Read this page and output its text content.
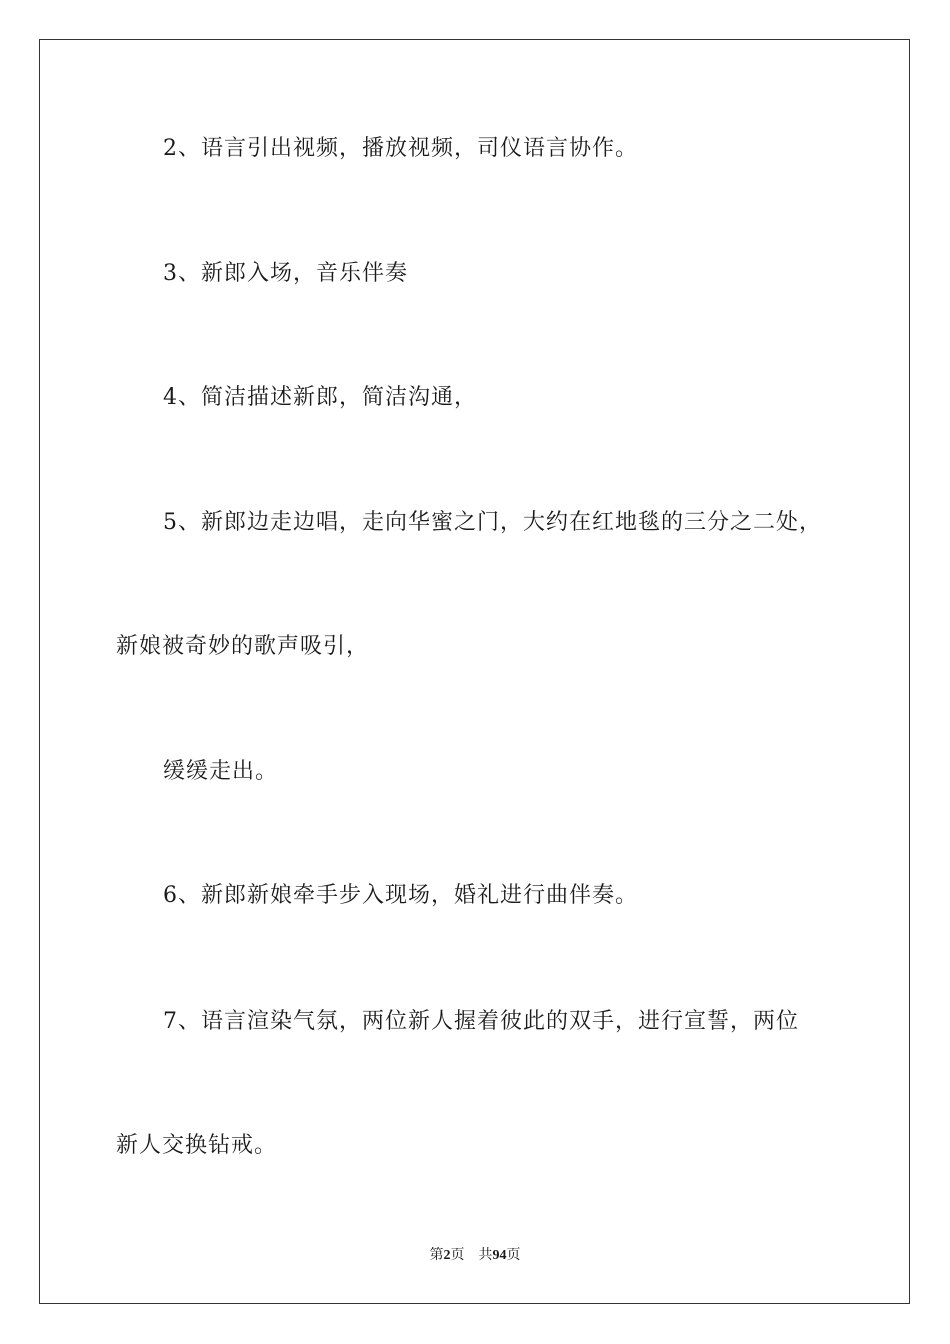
2、语言引出视频，播放视频，司仪语言协作。
3、新郎入场，音乐伴奏
4、简洁描述新郎，简洁沟通，
5、新郎边走边唱，走向华蜜之门，大约在红地毯的三分之二处，
新娘被奇妙的歌声吸引，
缓缓走出。
6、新郎新娘牵手步入现场，婚礼进行曲伴奏。
7、语言渲染气氛，两位新人握着彼此的双手，进行宣誓，两位
新人交换钻戒。
第2页 共94页
